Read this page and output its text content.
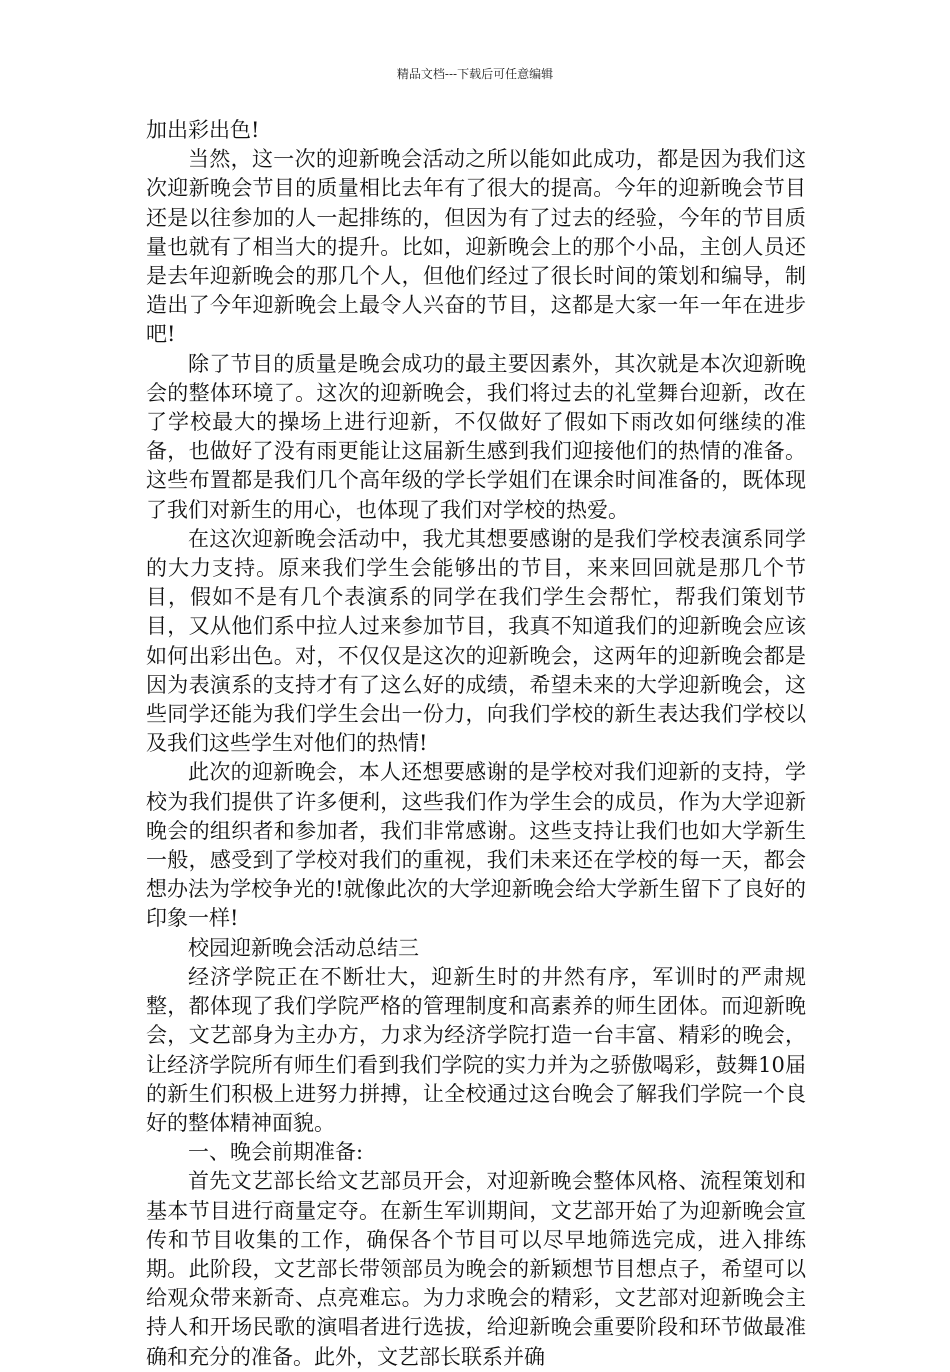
精品文档---下载后可任意编辑

加出彩出色!

当然，这一次的迎新晚会活动之所以能如此成功，都是因为我们这次迎新晚会节目的质量相比去年有了很大的提高。今年的迎新晚会节目还是以往参加的人一起排练的，但因为有了过去的经验，今年的节目质量也就有了相当大的提升。比如，迎新晚会上的那个小品，主创人员还是去年迎新晚会的那几个人，但他们经过了很长时间的策划和编导，制造出了今年迎新晚会上最令人兴奋的节目，这都是大家一年一年在进步吧!

除了节目的质量是晚会成功的最主要因素外，其次就是本次迎新晚会的整体环境了。这次的迎新晚会，我们将过去的礼堂舞台迎新，改在了学校最大的操场上进行迎新，不仅做好了假如下雨改如何继续的准备，也做好了没有雨更能让这届新生感到我们迎接他们的热情的准备。这些布置都是我们几个高年级的学长学姐们在课余时间准备的，既体现了我们对新生的用心，也体现了我们对学校的热爱。

在这次迎新晚会活动中，我尤其想要感谢的是我们学校表演系同学的大力支持。原来我们学生会能够出的节目，来来回回就是那几个节目，假如不是有几个表演系的同学在我们学生会帮忙，帮我们策划节目，又从他们系中拉人过来参加节目，我真不知道我们的迎新晚会应该如何出彩出色。对，不仅仅是这次的迎新晚会，这两年的迎新晚会都是因为表演系的支持才有了这么好的成绩，希望未来的大学迎新晚会，这些同学还能为我们学生会出一份力，向我们学校的新生表达我们学校以及我们这些学生对他们的热情!

此次的迎新晚会，本人还想要感谢的是学校对我们迎新的支持，学校为我们提供了许多便利，这些我们作为学生会的成员，作为大学迎新晚会的组织者和参加者，我们非常感谢。这些支持让我们也如大学新生一般，感受到了学校对我们的重视，我们未来还在学校的每一天，都会想办法为学校争光的!就像此次的大学迎新晚会给大学新生留下了良好的印象一样!

校园迎新晚会活动总结三

经济学院正在不断壮大，迎新生时的井然有序，军训时的严肃规整，都体现了我们学院严格的管理制度和高素养的师生团体。而迎新晚会，文艺部身为主办方，力求为经济学院打造一台丰富、精彩的晚会，让经济学院所有师生们看到我们学院的实力并为之骄傲喝彩，鼓舞10届的新生们积极上进努力拼搏，让全校通过这台晚会了解我们学院一个良好的整体精神面貌。

一、晚会前期准备:

首先文艺部长给文艺部员开会，对迎新晚会整体风格、流程策划和基本节目进行商量定夺。在新生军训期间，文艺部开始了为迎新晚会宣传和节目收集的工作，确保各个节目可以尽早地筛选完成，进入排练期。此阶段，文艺部长带领部员为晚会的新颖想节目想点子，希望可以给观众带来新奇、点亮难忘。为力求晚会的精彩，文艺部对迎新晚会主持人和开场民歌的演唱者进行选拔，给迎新晚会重要阶段和环节做最准确和充分的准备。此外，文艺部长联系并确
